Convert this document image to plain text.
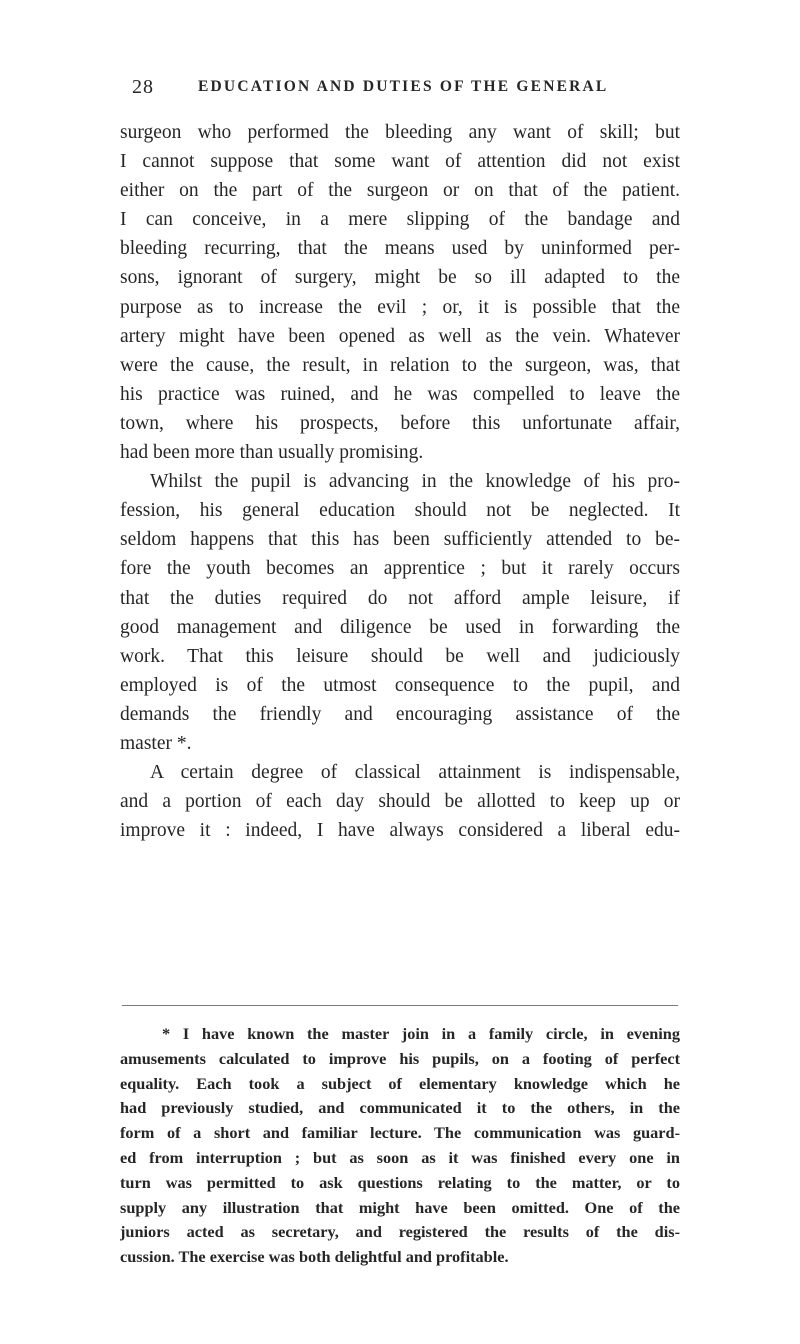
28	EDUCATION AND DUTIES OF THE GENERAL
surgeon who performed the bleeding any want of skill; but
I cannot suppose that some want of attention did not exist
either on the part of the surgeon or on that of the patient.
I can conceive, in a mere slipping of the bandage and
bleeding recurring, that the means used by uninformed per-
sons, ignorant of surgery, might be so ill adapted to the
purpose as to increase the evil ; or, it is possible that the
artery might have been opened as well as the vein. Whatever
were the cause, the result, in relation to the surgeon, was, that
his practice was ruined, and he was compelled to leave the
town, where his prospects, before this unfortunate affair,
had been more than usually promising.
Whilst the pupil is advancing in the knowledge of his pro-
fession, his general education should not be neglected. It
seldom happens that this has been sufficiently attended to be-
fore the youth becomes an apprentice ; but it rarely occurs
that the duties required do not afford ample leisure, if
good management and diligence be used in forwarding the
work. That this leisure should be well and judiciously
employed is of the utmost consequence to the pupil, and
demands the friendly and encouraging assistance of the
master *.
A certain degree of classical attainment is indispensable,
and a portion of each day should be allotted to keep up or
improve it : indeed, I have always considered a liberal edu-
* I have known the master join in a family circle, in evening
amusements calculated to improve his pupils, on a footing of perfect
equality. Each took a subject of elementary knowledge which he
had previously studied, and communicated it to the others, in the
form of a short and familiar lecture. The communication was guard-
ed from interruption ; but as soon as it was finished every one in
turn was permitted to ask questions relating to the matter, or to
supply any illustration that might have been omitted. One of the
juniors acted as secretary, and registered the results of the dis-
cussion. The exercise was both delightful and profitable.
